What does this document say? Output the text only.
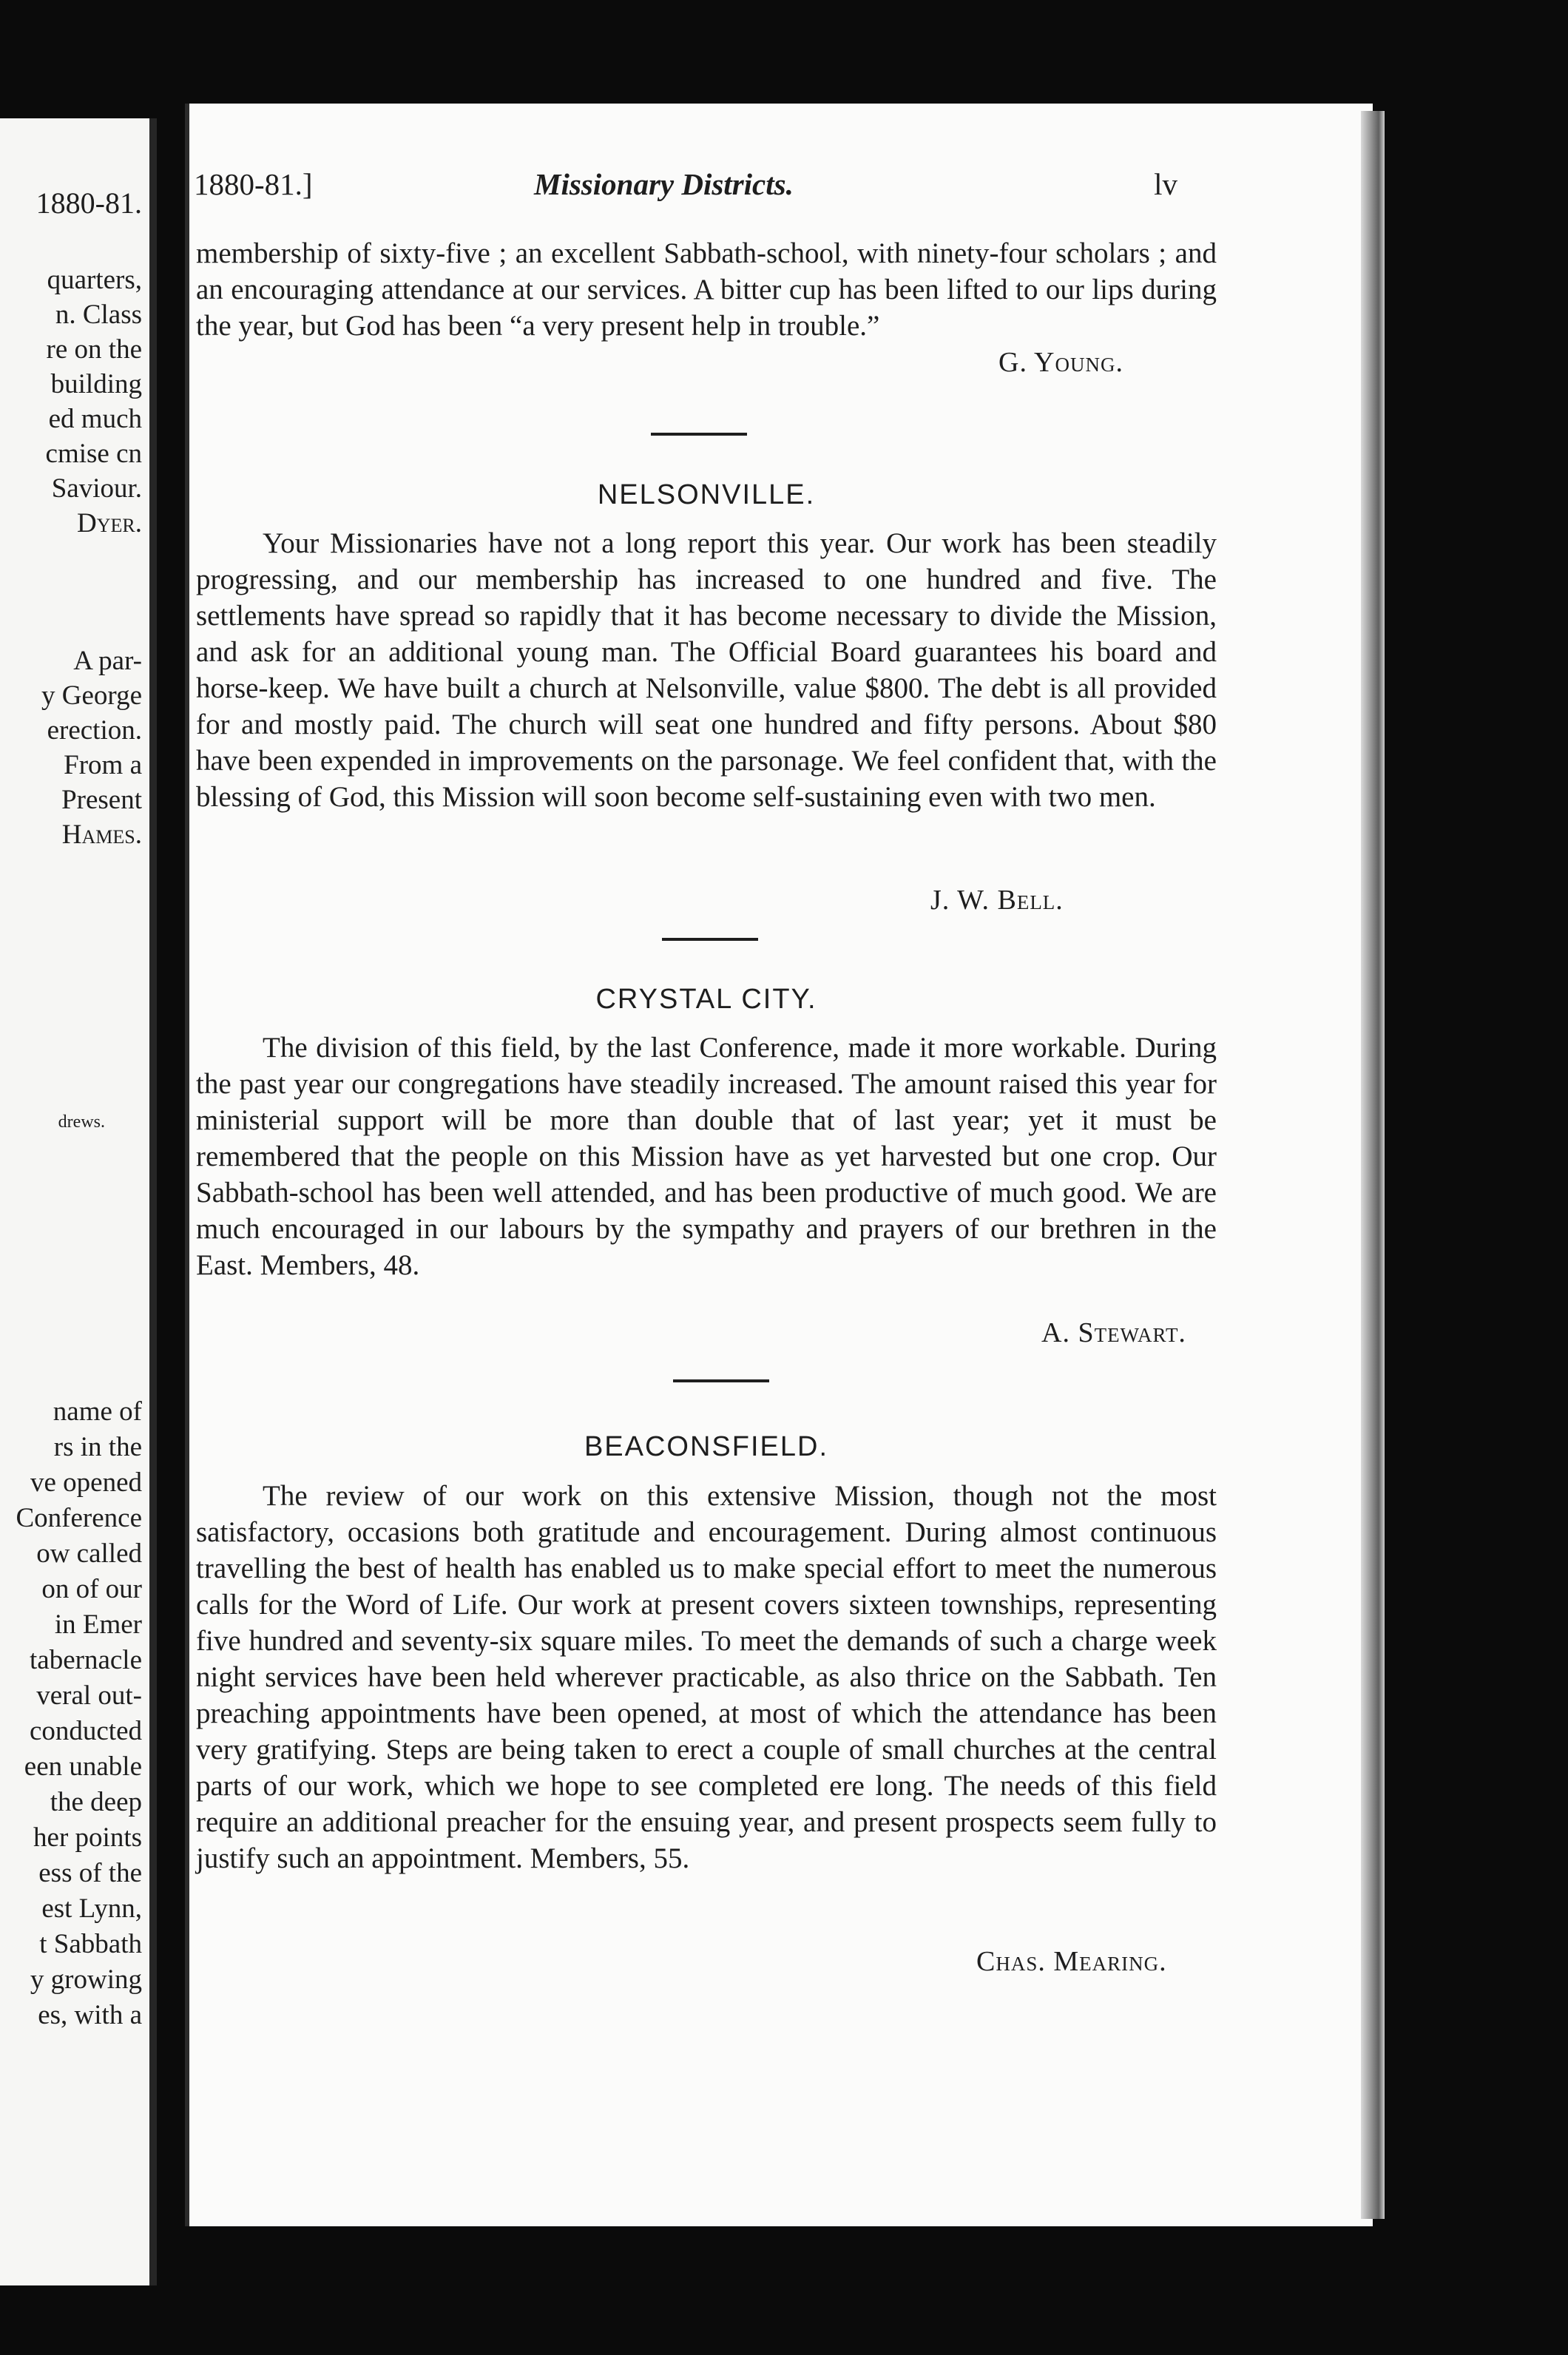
1880-81.
quarters,
n. Class
re on the
building
ed much
cmise cn
Saviour.
Dyer.
A par-
y George
erection.
From a
Present
Hames.
drews.
name of
rs in the
ve opened
Conference
ow called
on of our
in Emer
tabernacle
veral out-
conducted
een unable
the deep
her points
ess of the
est Lynn,
t Sabbath
y growing
es, with a
1880-81.]	Missionary Districts.	lv

membership of sixty-five ; an excellent Sabbath-school, with ninety-four scholars ; and an encouraging attendance at our services. A bitter cup has been lifted to our lips during the year, but God has been “a very present help in trouble.”

G. Young.
NELSONVILLE.

Your Missionaries have not a long report this year. Our work has been steadily progressing, and our membership has increased to one hundred and five. The settlements have spread so rapidly that it has become necessary to divide the Mission, and ask for an additional young man. The Official Board guarantees his board and horse-keep. We have built a church at Nelsonville, value $800. The debt is all provided for and mostly paid. The church will seat one hundred and fifty persons. About $80 have been expended in improvements on the parsonage. We feel confident that, with the blessing of God, this Mission will soon become self-sustaining even with two men.

J. W. Bell.
CRYSTAL CITY.

The division of this field, by the last Conference, made it more workable. During the past year our congregations have steadily increased. The amount raised this year for ministerial support will be more than double that of last year; yet it must be remembered that the people on this Mission have as yet harvested but one crop. Our Sabbath-school has been well attended, and has been productive of much good. We are much encouraged in our labours by the sympathy and prayers of our brethren in the East. Members, 48.

A. Stewart.
BEACONSFIELD.

The review of our work on this extensive Mission, though not the most satisfactory, occasions both gratitude and encouragement. During almost continuous travelling the best of health has enabled us to make special effort to meet the numerous calls for the Word of Life. Our work at present covers sixteen townships, representing five hundred and seventy-six square miles. To meet the demands of such a charge week night services have been held wherever practicable, as also thrice on the Sabbath. Ten preaching appointments have been opened, at most of which the attendance has been very gratifying. Steps are being taken to erect a couple of small churches at the central parts of our work, which we hope to see completed ere long. The needs of this field require an additional preacher for the ensuing year, and present prospects seem fully to justify such an appointment. Members, 55.

Chas. Mearing.
